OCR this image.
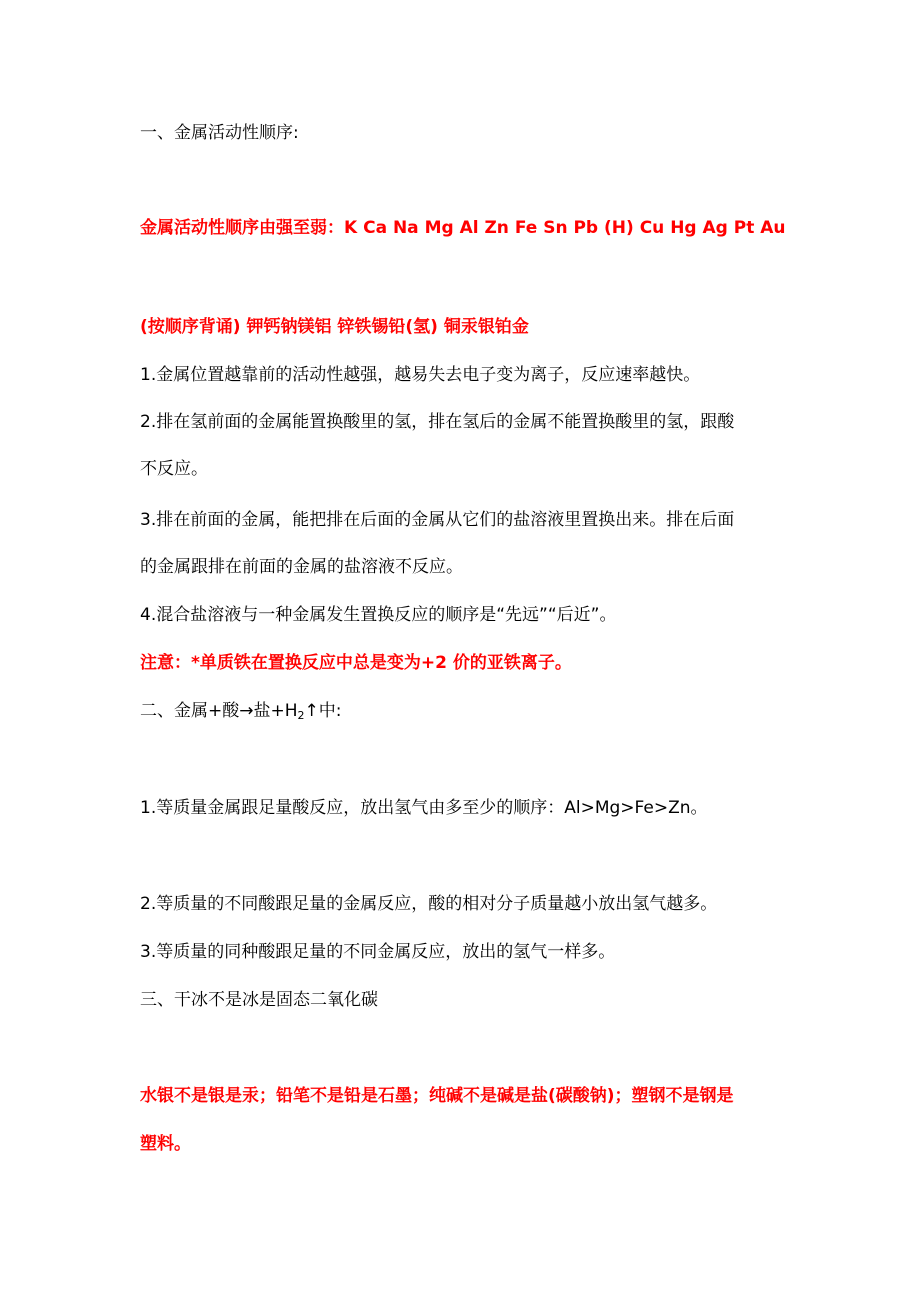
一、金属活动性顺序:
金属活动性顺序由强至弱：K Ca Na Mg Al Zn Fe Sn Pb (H) Cu Hg Ag Pt Au
(按顺序背诵) 钾钙钠镁铝 锌铁锡铅(氢) 铜汞银铂金
1.金属位置越靠前的活动性越强，越易失去电子变为离子，反应速率越快。
2.排在氢前面的金属能置换酸里的氢，排在氢后的金属不能置换酸里的氢，跟酸
不反应。
3.排在前面的金属，能把排在后面的金属从它们的盐溶液里置换出来。排在后面
的金属跟排在前面的金属的盐溶液不反应。
4.混合盐溶液与一种金属发生置换反应的顺序是“先远”“后近”。
注意：*单质铁在置换反应中总是变为+2 价的亚铁离子。
二、金属+酸→盐$+H_2↑$中:
1.等质量金属跟足量酸反应，放出氢气由多至少的顺序：Al>Mg>Fe>Zn。
2.等质量的不同酸跟足量的金属反应，酸的相对分子质量越小放出氢气越多。
3.等质量的同种酸跟足量的不同金属反应，放出的氢气一样多。
三、干冰不是冰是固态二氧化碳
水银不是银是汞；铅笔不是铅是石墨；纯碱不是碱是盐(碳酸钠)；塑钢不是钢是
塑料。
